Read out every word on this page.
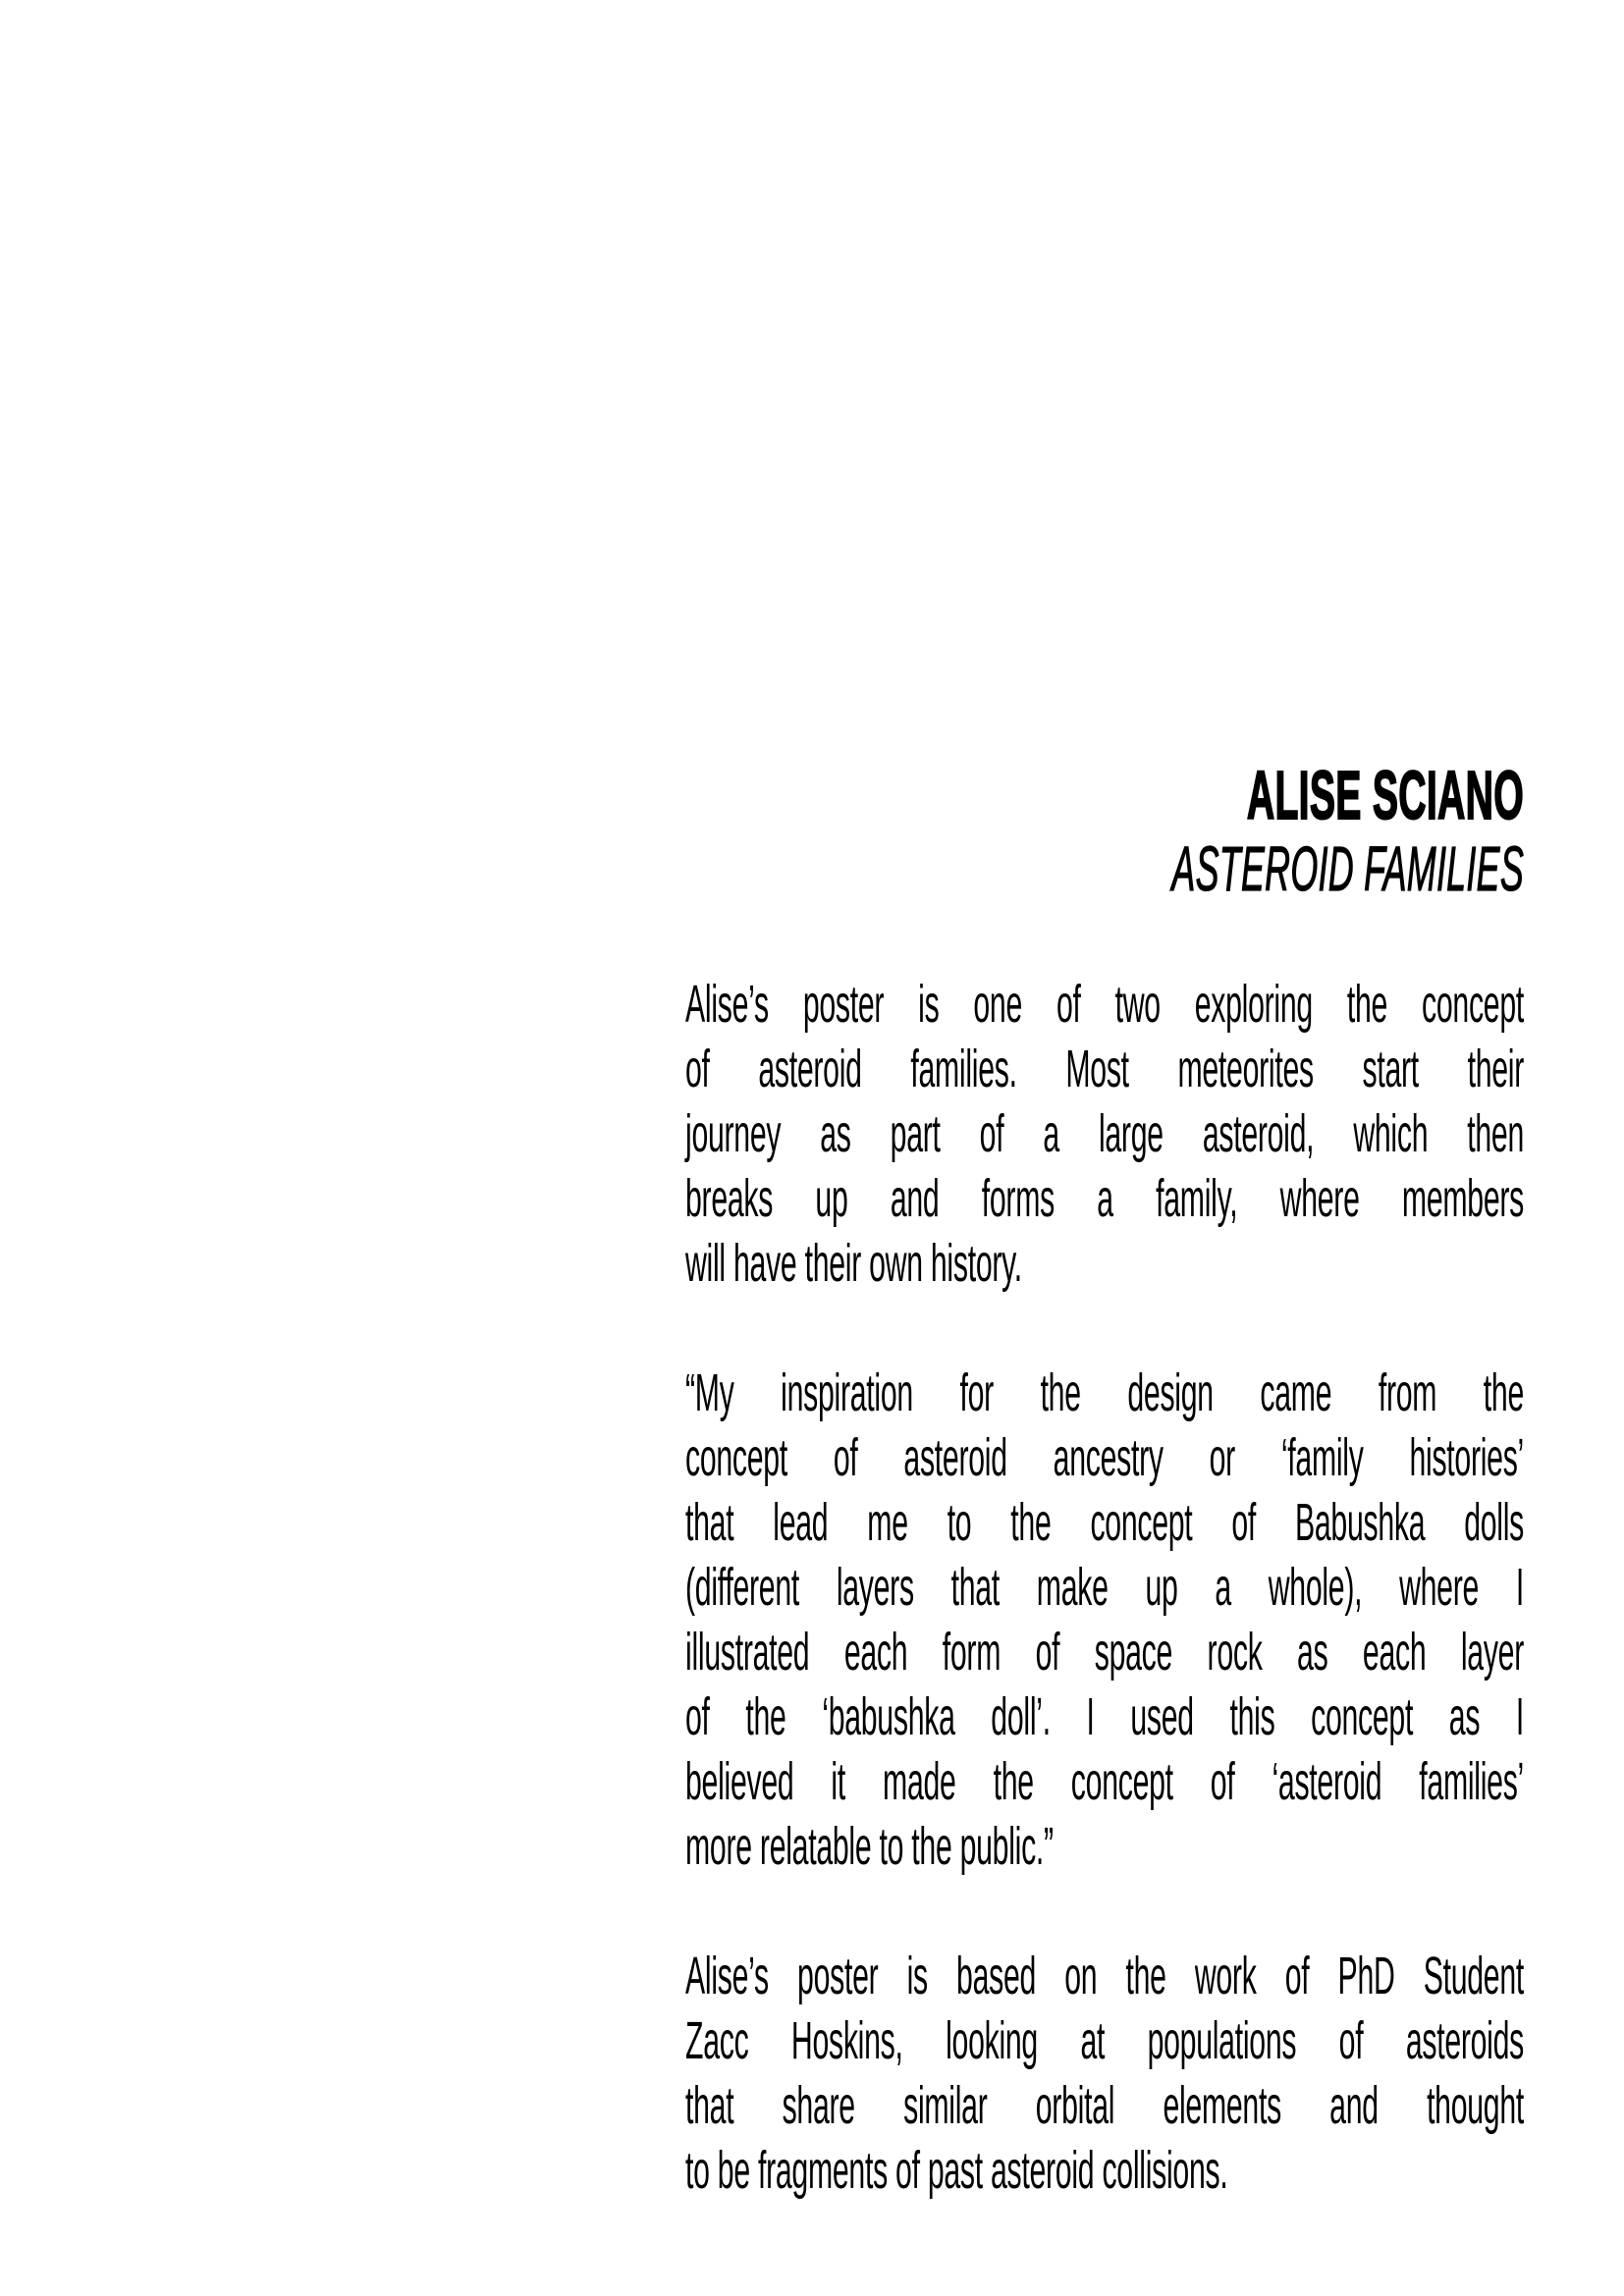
ALISE SCIANO
ASTEROID FAMILIES
Alise’s poster is one of two exploring the concept
of asteroid families. Most meteorites start their
journey as part of a large asteroid, which then
breaks up and forms a family, where members
will have their own history.
“My inspiration for the design came from the
concept of asteroid ancestry or ‘family histories’
that lead me to the concept of Babushka dolls
(different layers that make up a whole), where I
illustrated each form of space rock as each layer
of the ‘babushka doll’. I used this concept as I
believed it made the concept of ‘asteroid families’
more relatable to the public.”
Alise’s poster is based on the work of PhD Student
Zacc Hoskins, looking at populations of asteroids
that share similar orbital elements and thought
to be fragments of past asteroid collisions.
